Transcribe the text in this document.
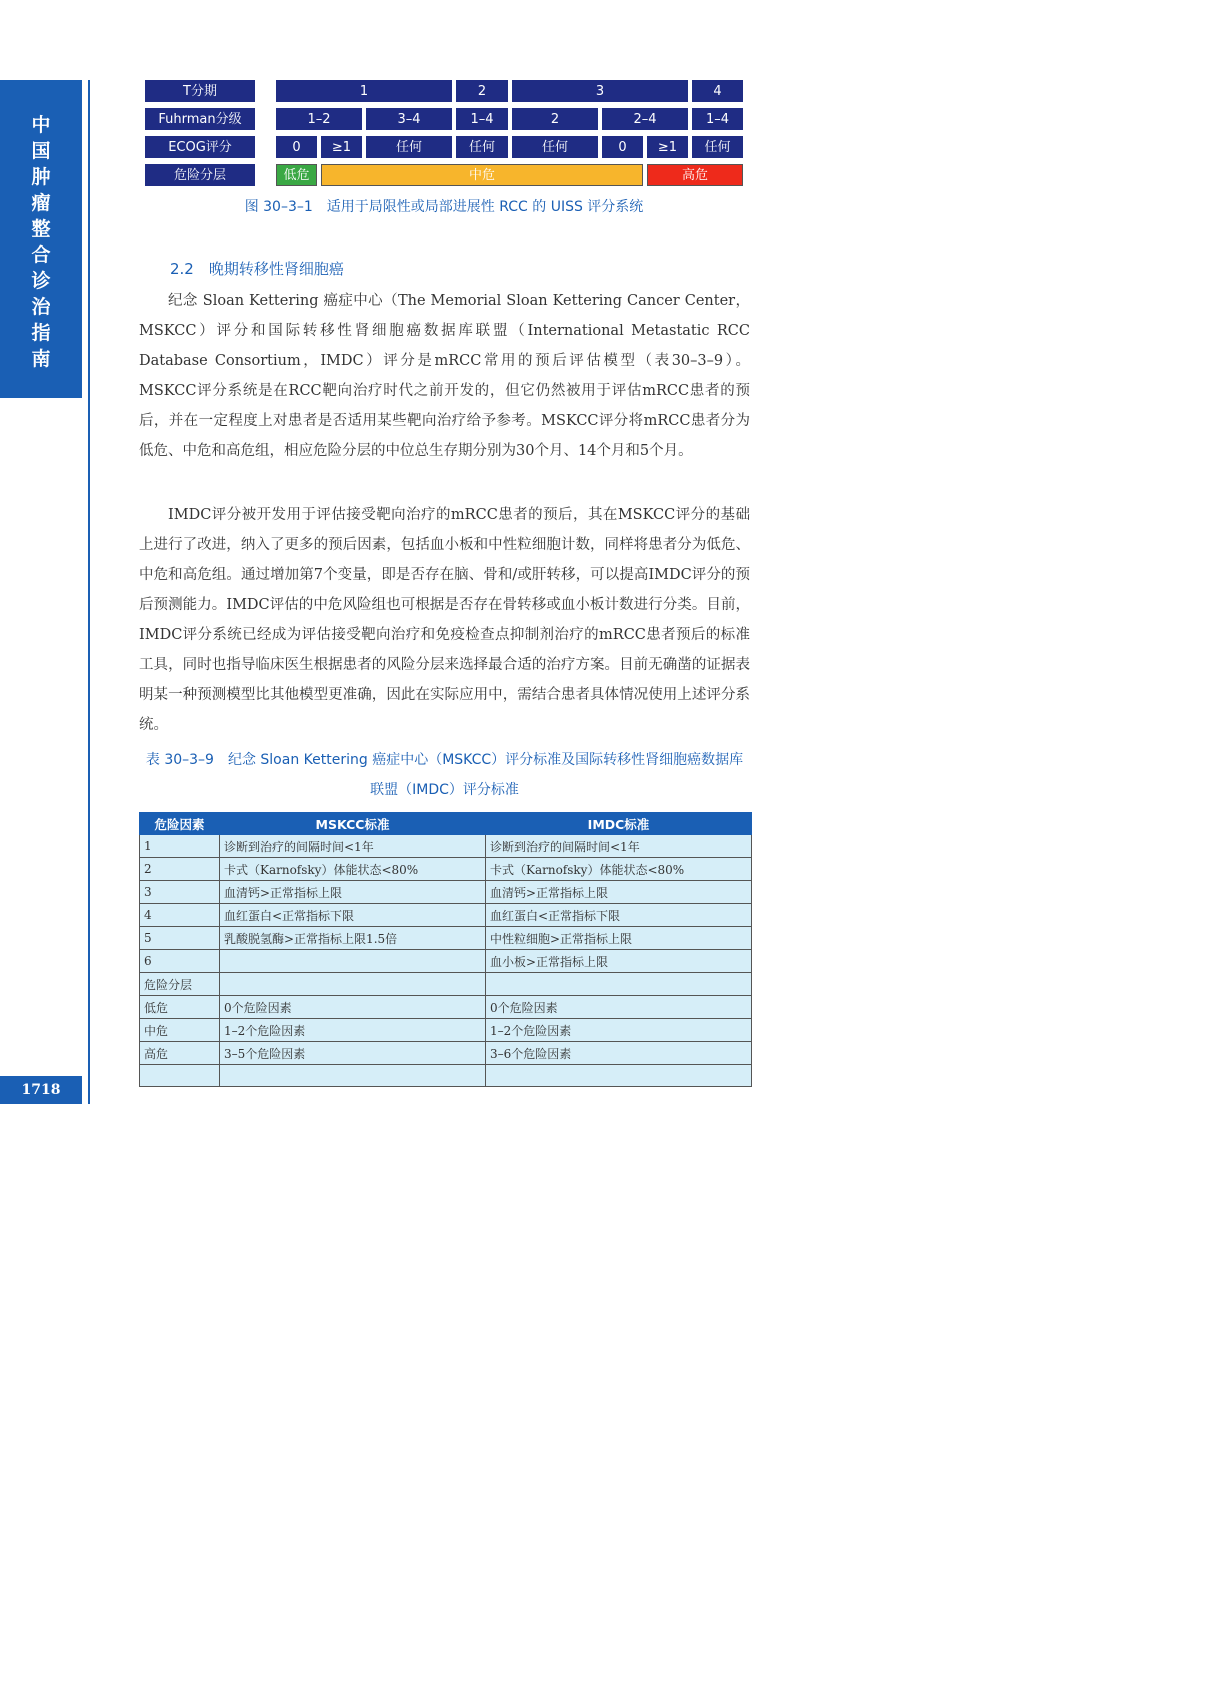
中
国
肿
瘤
整
合
诊
治
指
南
1718
T分期	1	2	3	4
Fuhrman分级	1–2	3–4	1–4	2	2–4	1–4
ECOG评分	0	≥1	任何	任何	任何	0	≥1	任何
危险分层	低危	中危	高危
图 30–3–1　适用于局限性或局部进展性 RCC 的 UISS 评分系统
2.2　晚期转移性肾细胞癌

纪念 Sloan Kettering 癌症中心（The Memorial Sloan Kettering Cancer Center，MSKCC）评分和国际转移性肾细胞癌数据库联盟（International Metastatic RCC Database Consortium，IMDC）评分是mRCC常用的预后评估模型（表30–3–9）。MSKCC评分系统是在RCC靶向治疗时代之前开发的，但它仍然被用于评估mRCC患者的预后，并在一定程度上对患者是否适用某些靶向治疗给予参考。MSKCC评分将mRCC患者分为低危、中危和高危组，相应危险分层的中位总生存期分别为30个月、14个月和5个月。

IMDC评分被开发用于评估接受靶向治疗的mRCC患者的预后，其在MSKCC评分的基础上进行了改进，纳入了更多的预后因素，包括血小板和中性粒细胞计数，同样将患者分为低危、中危和高危组。通过增加第7个变量，即是否存在脑、骨和/或肝转移，可以提高IMDC评分的预后预测能力。IMDC评估的中危风险组也可根据是否存在骨转移或血小板计数进行分类。目前，IMDC评分系统已经成为评估接受靶向治疗和免疫检查点抑制剂治疗的mRCC患者预后的标准工具，同时也指导临床医生根据患者的风险分层来选择最合适的治疗方案。目前无确凿的证据表明某一种预测模型比其他模型更准确，因此在实际应用中，需结合患者具体情况使用上述评分系统。

表 30–3–9　纪念 Sloan Kettering 癌症中心（MSKCC）评分标准及国际转移性肾细胞癌数据库联盟（IMDC）评分标准
危险因素	MSKCC标准	IMDC标准
1	诊断到治疗的间隔时间<1年	诊断到治疗的间隔时间<1年
2	卡式（Karnofsky）体能状态<80%	卡式（Karnofsky）体能状态<80%
3	血清钙>正常指标上限	血清钙>正常指标上限
4	血红蛋白<正常指标下限	血红蛋白<正常指标下限
5	乳酸脱氢酶>正常指标上限1.5倍	中性粒细胞>正常指标上限
6		血小板>正常指标上限
危险分层		
低危	0个危险因素	0个危险因素
中危	1–2个危险因素	1–2个危险因素
高危	3–5个危险因素	3–6个危险因素
